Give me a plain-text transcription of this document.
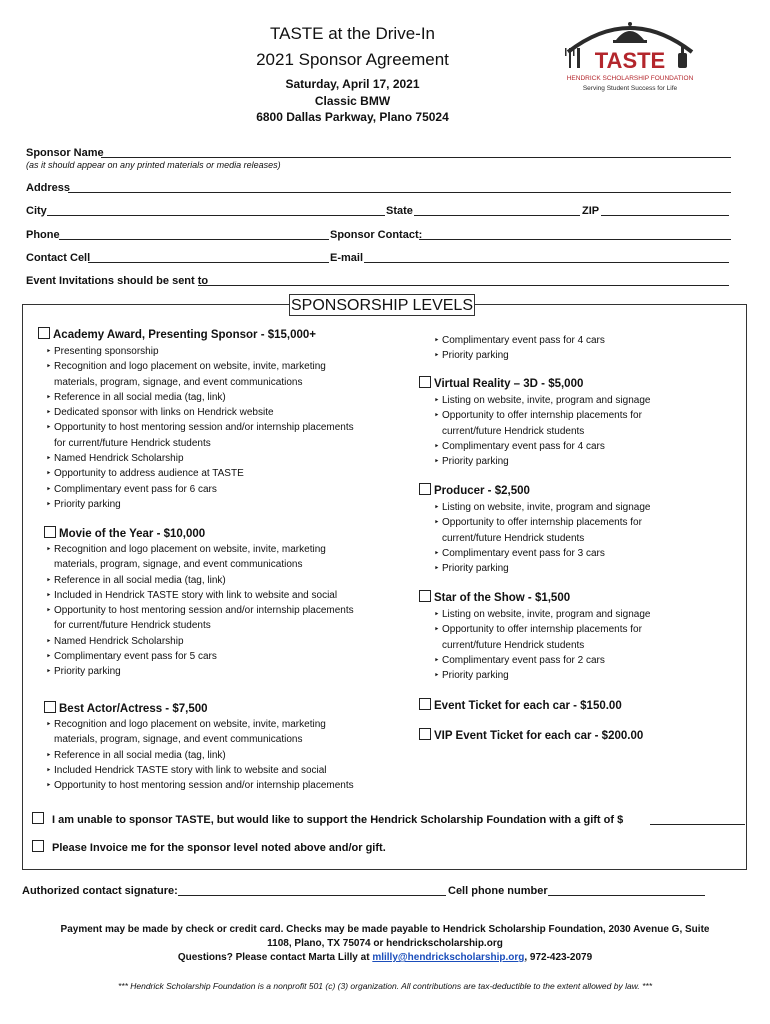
TASTE at the Drive-In
2021 Sponsor Agreement
Saturday, April 17, 2021
Classic BMW
6800 Dallas Parkway, Plano 75024
TASTE
HENDRICK SCHOLARSHIP FOUNDATION
Serving Student Success for Life
Sponsor Name
(as it should appear on any printed materials or media releases)
Address
City	State	ZIP
Phone	Sponsor Contact:
Contact Cell	E-mail
Event Invitations should be sent to
SPONSORSHIP LEVELS
Academy Award, Presenting Sponsor - $15,000+
‣ Presenting sponsorship
‣ Recognition and logo placement on website, invite, marketing
materials, program, signage, and event communications
‣ Reference in all social media (tag, link)
‣ Dedicated sponsor with links on Hendrick website
‣ Opportunity to host mentoring session and/or internship placements
for current/future Hendrick students
‣ Named Hendrick Scholarship
‣ Opportunity to address audience at TASTE
‣ Complimentary event pass for 6 cars
‣ Priority parking
Movie of the Year - $10,000
‣ Recognition and logo placement on website, invite, marketing
materials, program, signage, and event communications
‣ Reference in all social media (tag, link)
‣ Included in Hendrick TASTE story with link to website and social
‣ Opportunity to host mentoring session and/or internship placements
for current/future Hendrick students
‣ Named Hendrick Scholarship
‣ Complimentary event pass for 5 cars
‣ Priority parking
Best Actor/Actress - $7,500
‣ Recognition and logo placement on website, invite, marketing
materials, program, signage, and event communications
‣ Reference in all social media (tag, link)
‣ Included Hendrick TASTE story with link to website and social
‣ Opportunity to host mentoring session and/or internship placements
‣ Complimentary event pass for 4 cars
‣ Priority parking
Virtual Reality – 3D - $5,000
‣ Listing on website, invite, program and signage
‣ Opportunity to offer internship placements for
current/future Hendrick students
‣ Complimentary event pass for 4 cars
‣ Priority parking
Producer - $2,500
‣ Listing on website, invite, program and signage
‣ Opportunity to offer internship placements for
current/future Hendrick students
‣ Complimentary event pass for 3 cars
‣ Priority parking
Star of the Show - $1,500
‣ Listing on website, invite, program and signage
‣ Opportunity to offer internship placements for
current/future Hendrick students
‣ Complimentary event pass for 2 cars
‣ Priority parking
Event Ticket for each car - $150.00
VIP Event Ticket for each car - $200.00
I am unable to sponsor TASTE, but would like to support the Hendrick Scholarship Foundation with a gift of $
Please Invoice me for the sponsor level noted above and/or gift.
Authorized contact signature:	Cell phone number
Payment may be made by check or credit card. Checks may be made payable to Hendrick Scholarship Foundation, 2030 Avenue G, Suite
1108, Plano, TX 75074 or hendrickscholarship.org
Questions? Please contact Marta Lilly at mlilly@hendrickscholarship.org, 972-423-2079
*** Hendrick Scholarship Foundation is a nonprofit 501 (c) (3) organization. All contributions are tax-deductible to the extent allowed by law. ***
